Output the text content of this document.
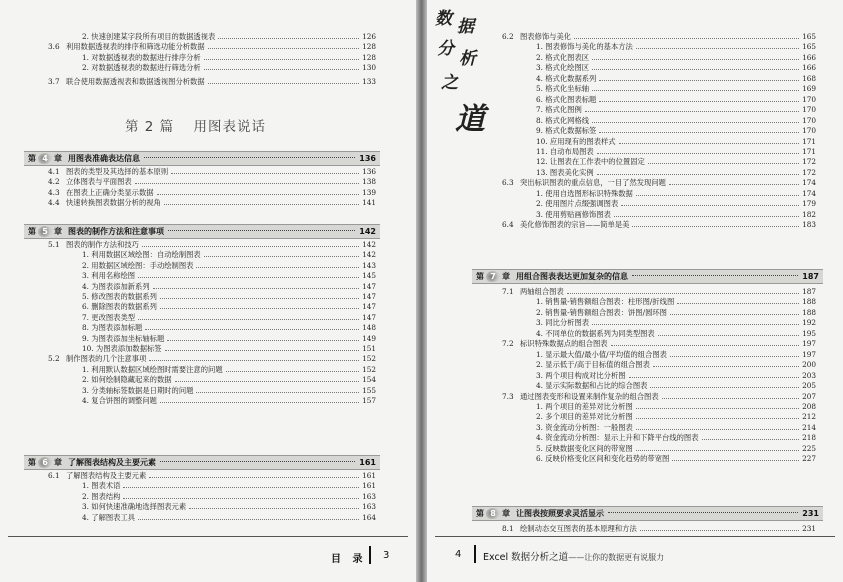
2. 快速创建某字段所有项目的数据透视表	126
3.6 利用数据透视表的排序和筛选功能分析数据	128
1. 对数据透视表的数据进行排序分析	128
2. 对数据透视表的数据进行筛选分析	130
3.7 联合使用数据透视表和数据透视图分析数据	133
第 4 章 用图表准确表达信息	136
4.1 图表的类型及其选择的基本原则	136
4.2 立体图表与平面图表	138
4.3 在图表上正确分类显示数据	139
4.4 快速转换图表数据分析的视角	141
第 5 章 图表的制作方法和注意事项	142
5.1 图表的制作方法和技巧	142
1. 利用数据区域绘图：自动绘制图表	142
2. 用数据区域绘图：手动绘制图表	143
3. 利用名称绘图	145
4. 为图表添加新系列	147
5. 修改图表的数据系列	147
6. 删除图表的数据系列	147
7. 更改图表类型	147
8. 为图表添加标题	148
9. 为图表添加坐标轴标题	149
10. 为图表添加数据标签	151
5.2 制作图表的几个注意事项	152
1. 利用默认数据区域绘图时需要注意的问题	152
2. 如何绘制隐藏起来的数据	154
3. 分类轴标签数据是日期时的问题	155
4. 复合饼图的调整问题	157
第 6 章 了解图表结构及主要元素	161
6.1 了解图表结构及主要元素	161
1. 图表术语	161
2. 图表结构	163
3. 如何快速准确地选择图表元素	163
4. 了解图表工具	164
第 2 篇 用图表说话
目 录 3
数 据
分 析
之
道
6.2 图表修饰与美化	165
1. 图表修饰与美化的基本方法	165
2. 格式化图表区	166
3. 格式化绘图区	166
4. 格式化数据系列	168
5. 格式化坐标轴	169
6. 格式化图表标题	170
7. 格式化图例	170
8. 格式化网格线	170
9. 格式化数据标签	170
10. 应用现有的图表样式	171
11. 自动布局图表	171
12. 让图表在工作表中的位置固定	172
13. 图表美化实例	172
6.3 突出标识图表的重点信息，一目了然发现问题	174
1. 使用自选图形标识特殊数据	174
2. 使用图片点缀强调图表	179
3. 使用剪贴画修饰图表	182
6.4 美化修饰图表的宗旨——简单是美	183
第 7 章 用组合图表表达更加复杂的信息	187
7.1 两轴组合图表	187
1. 销售量-销售额组合图表：柱形图/折线图	188
2. 销售量-销售额组合图表：饼图/圆环图	188
3. 同比分析图表	192
4. 不同单位的数据系列为同类型图表	195
7.2 标识特殊数据点的组合图表	197
1. 显示最大值/最小值/平均值的组合图表	197
2. 显示低于/高于目标值的组合图表	200
3. 两个项目构成对比分析图	203
4. 显示实际数据和占比的综合图表	205
7.3 通过图表变形和设置来制作复杂的组合图表	207
1. 两个项目的差异对比分析图	208
2. 多个项目的差异对比分析图	212
3. 资金流动分析图：一般图表	214
4. 资金流动分析图：显示上升和下降平台线的图表	218
5. 反映数据变化区间的带宽图	225
6. 反映价格变化区间和变化趋势的带宽图	227
第 8 章 让图表按照要求灵活显示	231
8.1 绘制动态交互图表的基本原理和方法	231
4 Excel 数据分析之道——让你的数据更有说服力
